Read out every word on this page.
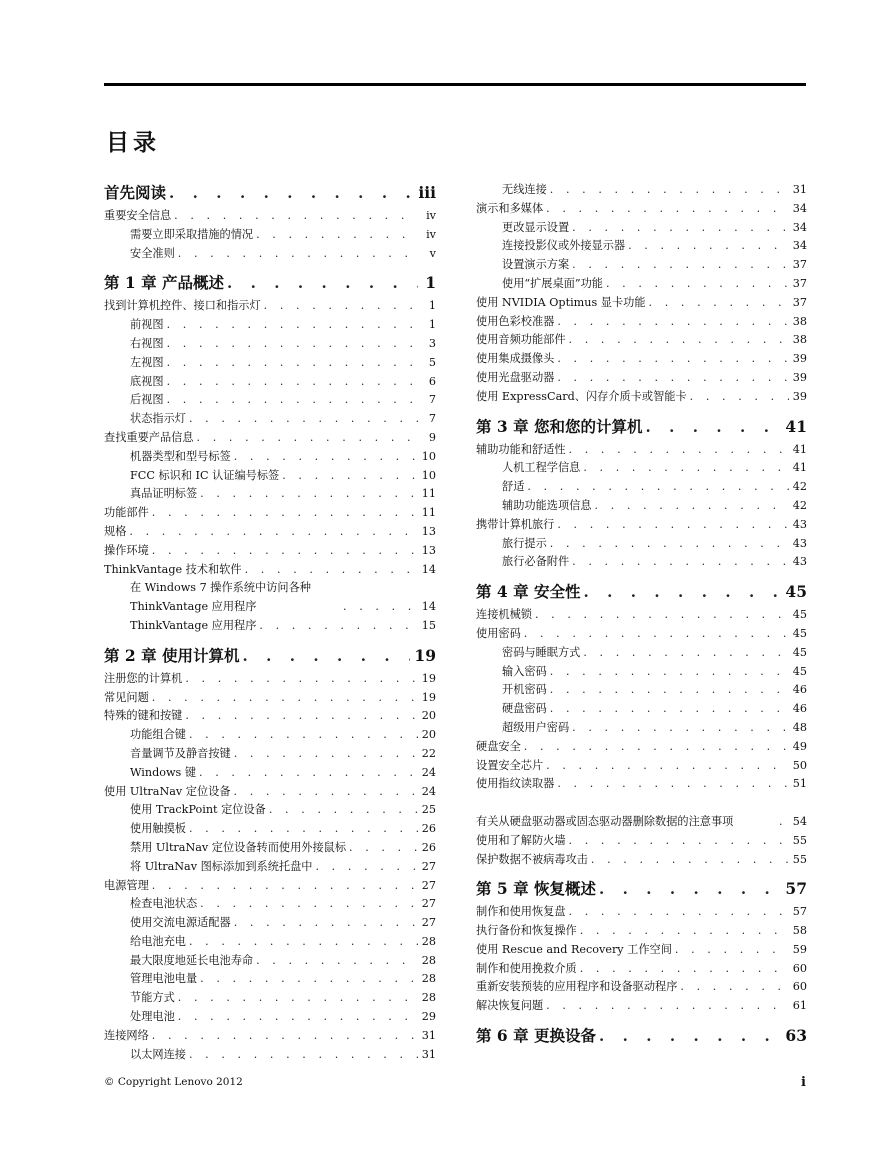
目录
首先阅读 . . .	iii
重要安全信息 . . .	iv
需要立即采取措施的情况 . . .	iv
安全准则 . . .	v
第 1 章 产品概述 . . .	1
找到计算机控件、接口和指示灯 . . .	1
前视图 . . .	1
右视图 . . .	3
左视图 . . .	5
底视图 . . .	6
后视图 . . .	7
状态指示灯 . . .	7
查找重要产品信息 . . .	9
机器类型和型号标签 . . .	10
FCC 标识和 IC 认证编号标签 . . .	10
真品证明标签 . . .	11
功能部件 . . .	11
规格 . . .	13
操作环境 . . .	13
ThinkVantage 技术和软件 . . .	14
在 Windows 7 操作系统中访问各种 ThinkVantage 应用程序 . . .	14
ThinkVantage 应用程序 . . .	15
第 2 章 使用计算机 . . .	19
注册您的计算机 . . .	19
常见问题 . . .	19
特殊的键和按键 . . .	20
功能组合键 . . .	20
音量调节及静音按键 . . .	22
Windows 键 . . .	24
使用 UltraNav 定位设备 . . .	24
使用 TrackPoint 定位设备 . . .	25
使用触摸板 . . .	26
禁用 UltraNav 定位设备转而使用外接鼠标 . . .	26
将 UltraNav 图标添加到系统托盘中 . . .	27
电源管理 . . .	27
检查电池状态 . . .	27
使用交流电源适配器 . . .	27
给电池充电 . . .	28
最大限度地延长电池寿命 . . .	28
管理电池电量 . . .	28
节能方式 . . .	28
处理电池 . . .	29
连接网络 . . .	31
以太网连接 . . .	31
无线连接 . . .	31
演示和多媒体 . . .	34
更改显示设置 . . .	34
连接投影仪或外接显示器 . . .	34
设置演示方案 . . .	37
使用“扩展桌面”功能 . . .	37
使用 NVIDIA Optimus 显卡功能 . . .	37
使用色彩校准器 . . .	38
使用音频功能部件 . . .	38
使用集成摄像头 . . .	39
使用光盘驱动器 . . .	39
使用 ExpressCard、闪存介质卡或智能卡 . . .	39
第 3 章 您和您的计算机 . . .	41
辅助功能和舒适性 . . .	41
人机工程学信息 . . .	41
舒适 . . .	42
辅助功能选项信息 . . .	42
携带计算机旅行 . . .	43
旅行提示 . . .	43
旅行必备附件 . . .	43
第 4 章 安全性 . . .	45
连接机械锁 . . .	45
使用密码 . . .	45
密码与睡眠方式 . . .	45
输入密码 . . .	45
开机密码 . . .	46
硬盘密码 . . .	46
超级用户密码 . . .	48
硬盘安全 . . .	49
设置安全芯片 . . .	50
使用指纹读取器 . . .	51
有关从硬盘驱动器或固态驱动器删除数据的注意事项 . . .	54
使用和了解防火墙 . . .	55
保护数据不被病毒攻击 . . .	55
第 5 章 恢复概述 . . .	57
制作和使用恢复盘 . . .	57
执行备份和恢复操作 . . .	58
使用 Rescue and Recovery 工作空间 . . .	59
制作和使用挽救介质 . . .	60
重新安装预装的应用程序和设备驱动程序 . . .	60
解决恢复问题 . . .	61
第 6 章 更换设备 . . .	63
© Copyright Lenovo 2012	i
